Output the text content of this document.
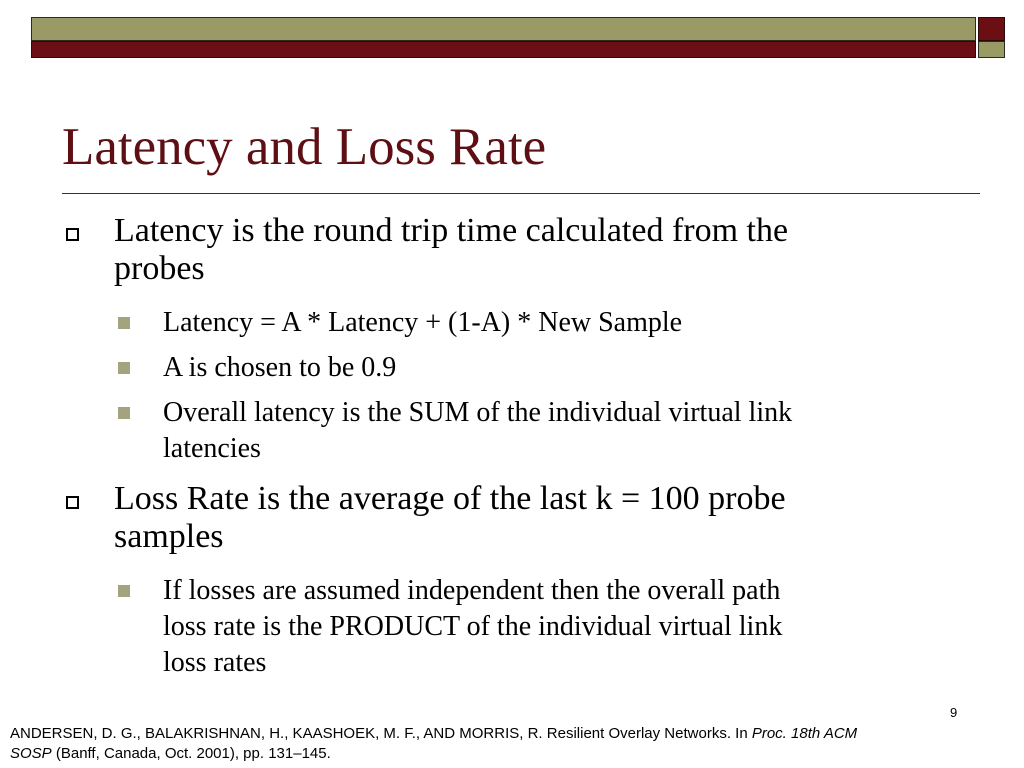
Latency and Loss Rate
Latency is the round trip time calculated from the
probes
Latency = A * Latency + (1-A) * New Sample
A is chosen to be 0.9
Overall latency is the SUM of the individual virtual link
latencies
Loss Rate is the average of the last k = 100 probe
samples
If losses are assumed independent then the overall path
loss rate is the PRODUCT of the individual virtual link
loss rates
9
ANDERSEN, D. G., BALAKRISHNAN, H., KAASHOEK, M. F., AND MORRIS, R. Resilient Overlay Networks. In Proc. 18th ACM
SOSP (Banff, Canada, Oct. 2001), pp. 131–145.
